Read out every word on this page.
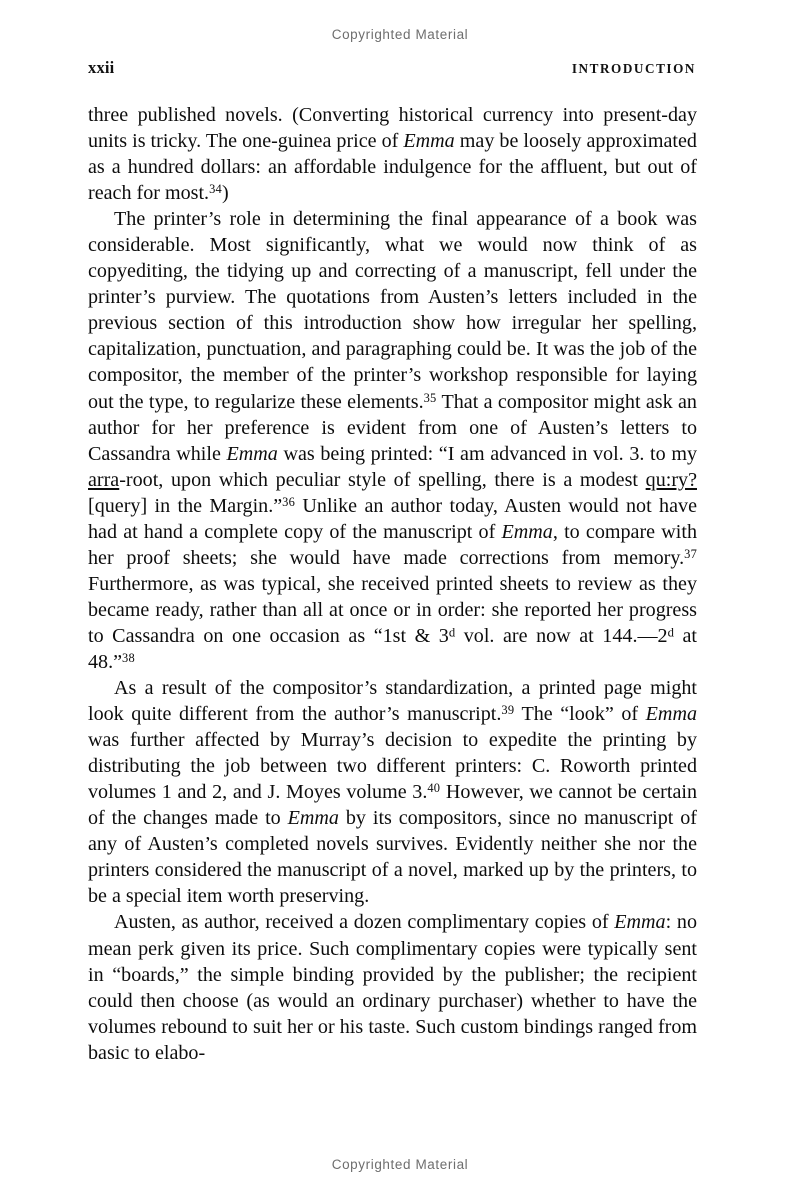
Copyrighted Material
xxii	INTRODUCTION

three published novels. (Converting historical currency into present-day units is tricky. The one-guinea price of Emma may be loosely approximated as a hundred dollars: an affordable indulgence for the affluent, but out of reach for most.$^{34}$)

The printer’s role in determining the final appearance of a book was considerable. Most significantly, what we would now think of as copyediting, the tidying up and correcting of a manuscript, fell under the printer’s purview. The quotations from Austen’s letters included in the previous section of this introduction show how irregular her spelling, capitalization, punctuation, and paragraphing could be. It was the job of the compositor, the member of the printer’s workshop responsible for laying out the type, to regularize these elements.$^{35}$ That a compositor might ask an author for her preference is evident from one of Austen’s letters to Cassandra while Emma was being printed: “I am advanced in vol. 3. to my arra-root, upon which peculiar style of spelling, there is a modest qu:ry? [query] in the Margin.”$^{36}$ Unlike an author today, Austen would not have had at hand a complete copy of the manuscript of Emma, to compare with her proof sheets; she would have made corrections from memory.$^{37}$ Furthermore, as was typical, she received printed sheets to review as they became ready, rather than all at once or in order: she reported her progress to Cassandra on one occasion as “1st & 3$^d$ vol. are now at 144.—2$^d$ at 48.”$^{38}$

As a result of the compositor’s standardization, a printed page might look quite different from the author’s manuscript.$^{39}$ The “look” of Emma was further affected by Murray’s decision to expedite the printing by distributing the job between two different printers: C. Roworth printed volumes 1 and 2, and J. Moyes volume 3.40 However, we cannot be certain of the changes made to Emma by its compositors, since no manuscript of any of Austen’s completed novels survives. Evidently neither she nor the printers considered the manuscript of a novel, marked up by the printers, to be a special item worth preserving.

Austen, as author, received a dozen complimentary copies of Emma: no mean perk given its price. Such complimentary copies were typically sent in “boards,” the simple binding provided by the publisher; the recipient could then choose (as would an ordinary purchaser) whether to have the volumes rebound to suit her or his taste. Such custom bindings ranged from basic to elabo-

Copyrighted Material
